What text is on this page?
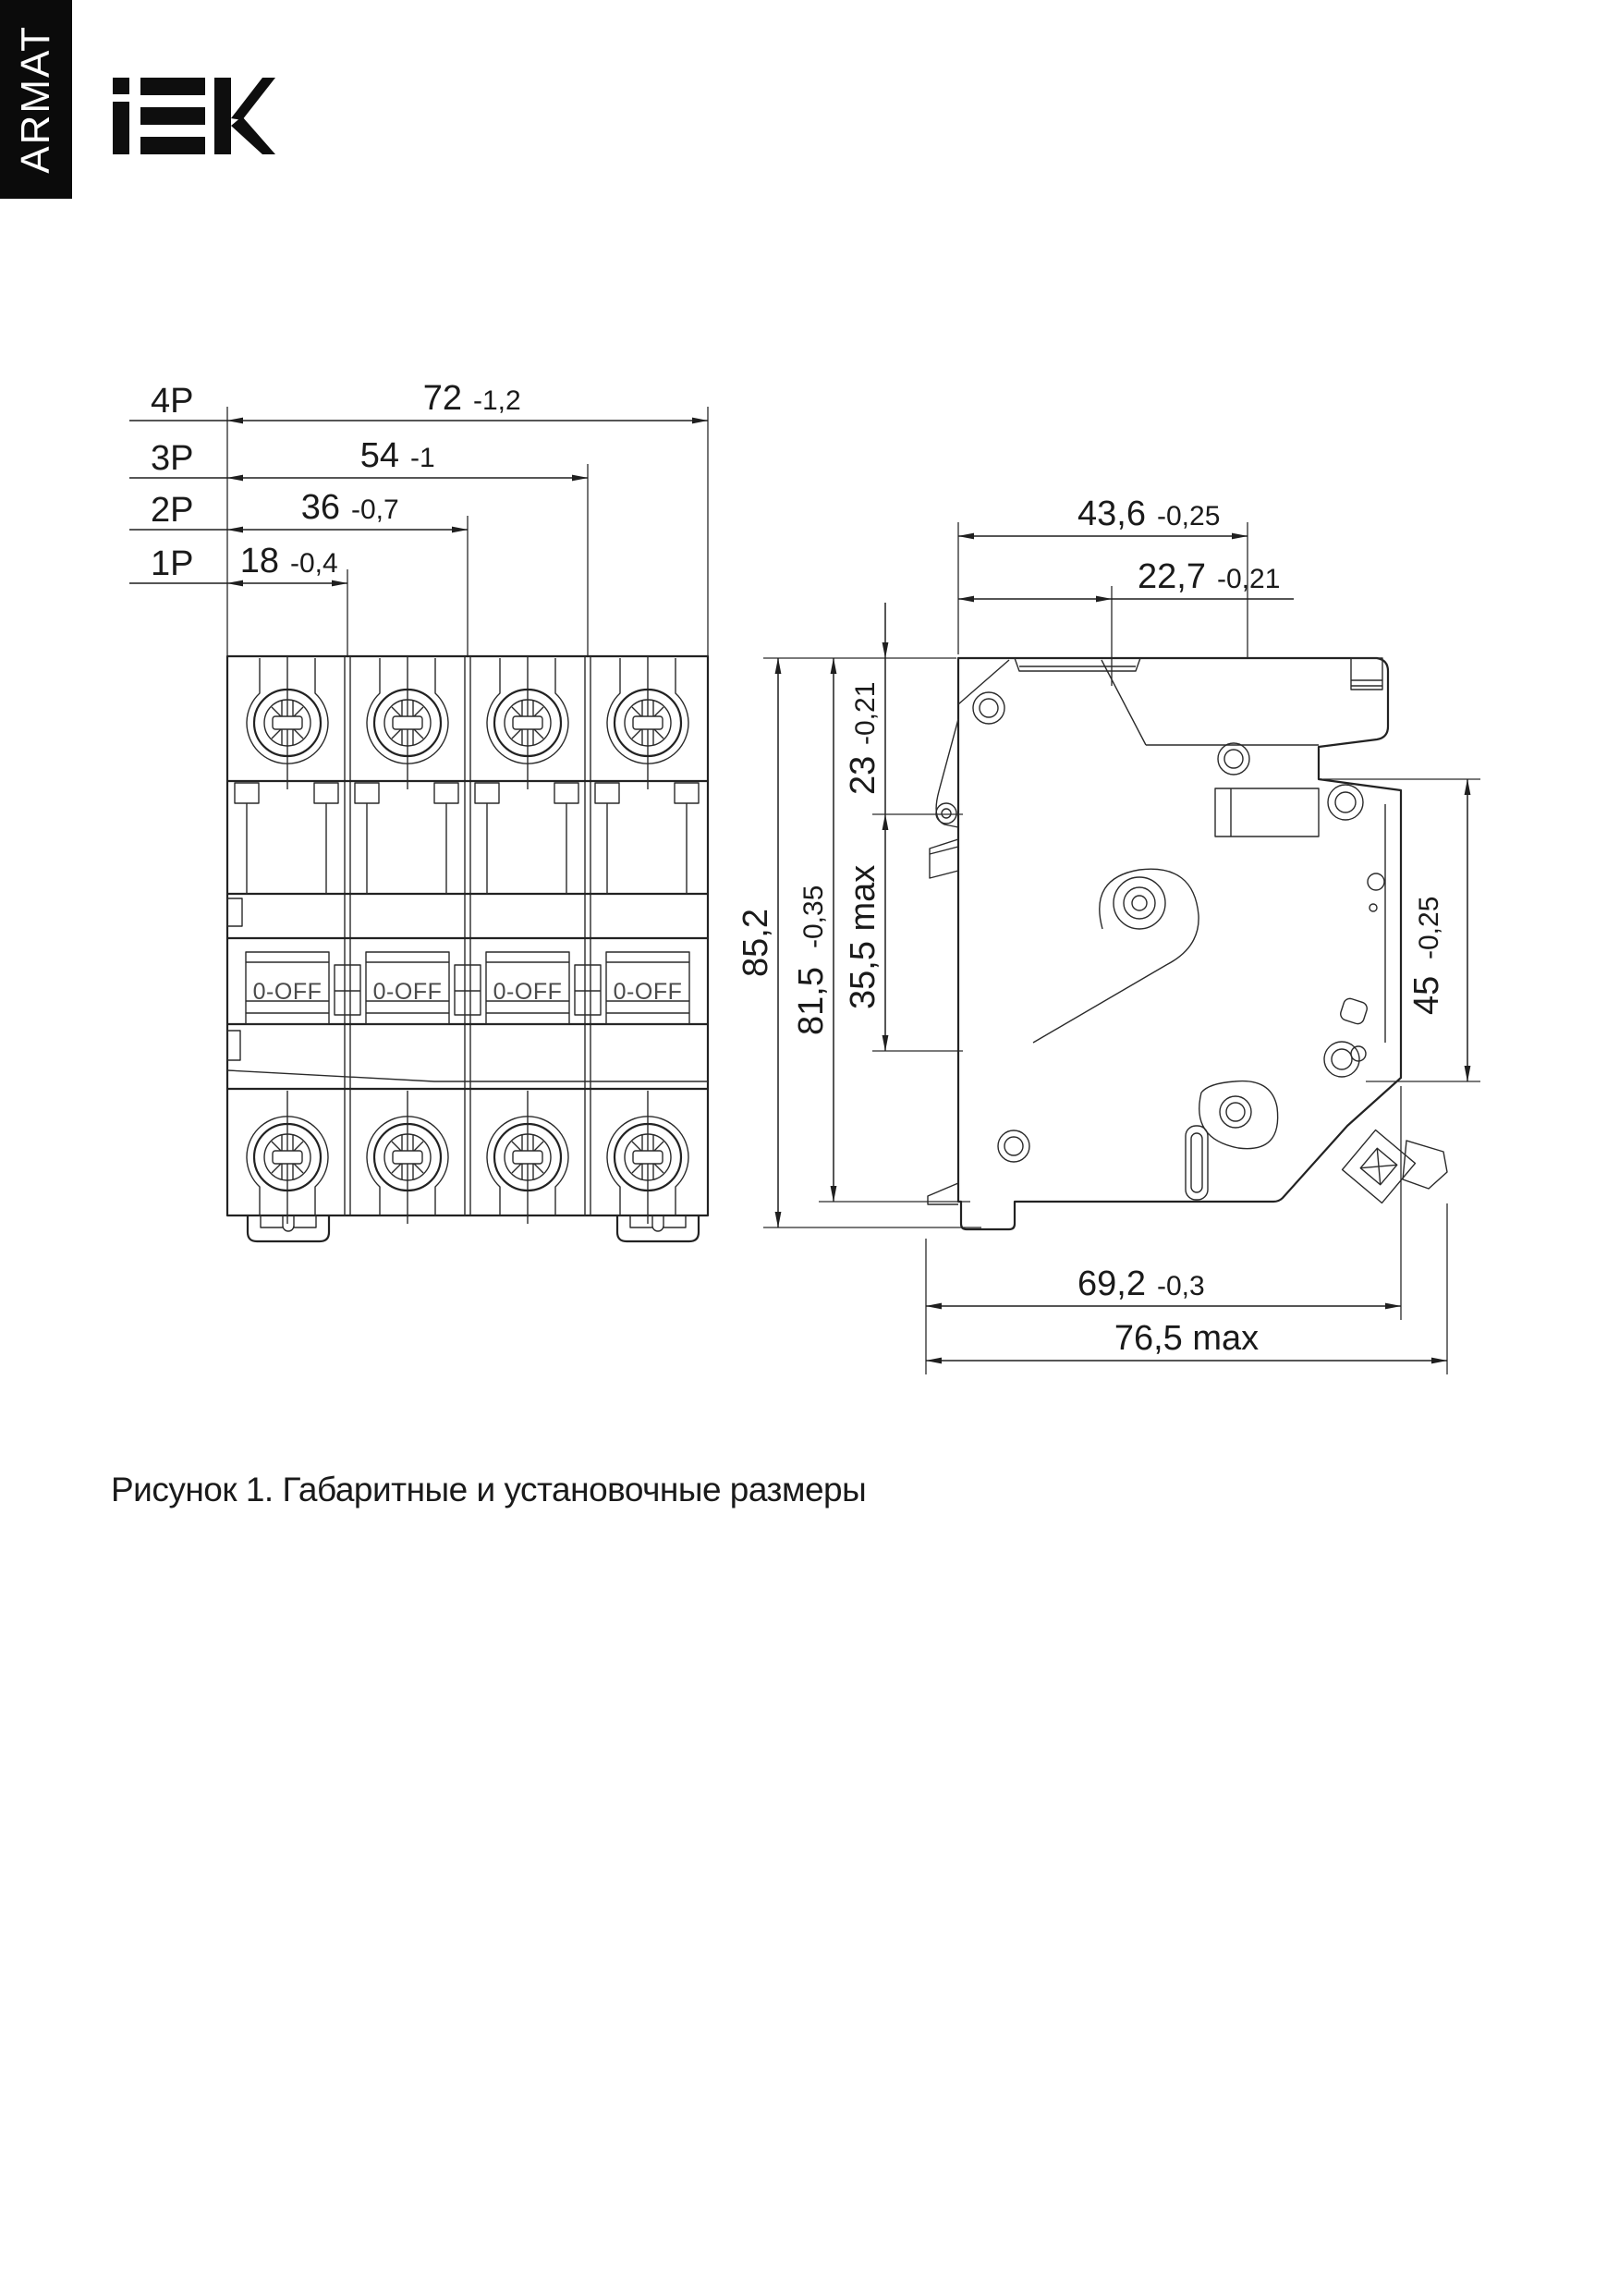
ARMAT
0-OFF 0-OFF 0-OFF 0-OFF
4P	72 -1,2
3P	54 -1
2P	36 -0,7
1P 18 -0,4
43,6 -0,25
22,7 -0,21
85,2
81,5
-0,35
23
-0,21
35,5 max	45
-0,25
69,2 -0,3
76,5 max
Рисунок 1. Габаритные и установочные размеры
